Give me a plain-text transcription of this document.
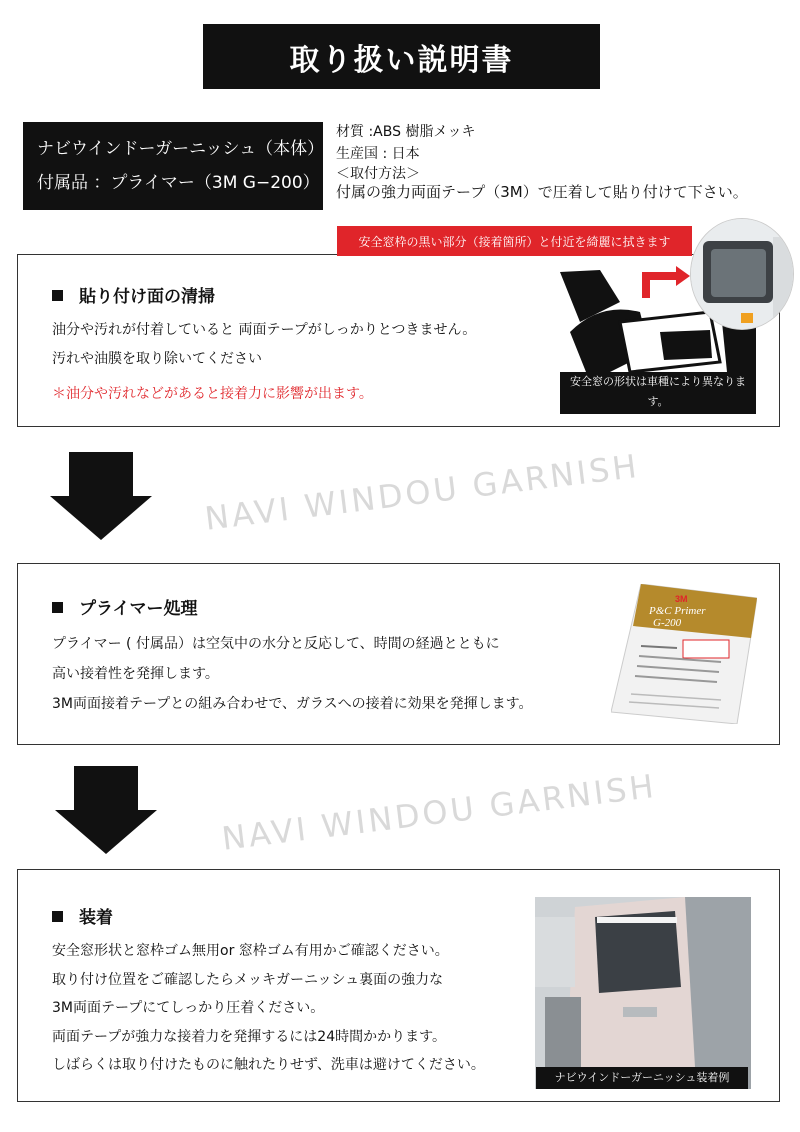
取り扱い説明書
ナビウインドーガーニッシュ（本体）
付属品 ：プライマー（3M G−200）
材質 :ABS 樹脂メッキ
生産国 : 日本
＜取付方法＞
付属の強力両面テープ（3M）で圧着して貼り付けて下さい。
安全窓枠の黒い部分（接着箇所）と付近を綺麗に拭きます
貼り付け面の清掃
油分や汚れが付着していると 両面テープがしっかりとつきません。
汚れや油膜を取り除いてください
＊油分や汚れなどがあると接着力に影響が出ます。
安全窓の形状は車種により異なります。
NAVI WINDOU GARNISH
プライマー処理
プライマー ( 付属品）は空気中の水分と反応して、時間の経過とともに
高い接着性を発揮します。
3M両面接着テープとの組み合わせで、ガラスへの接着に効果を発揮します。
3M
P&C Primer
G-200
NAVI WINDOU GARNISH
装着
安全窓形状と窓枠ゴム無用or 窓枠ゴム有用かご確認ください。
取り付け位置をご確認したらメッキガーニッシュ裏面の強力な
3M両面テープにてしっかり圧着ください。
両面テープが強力な接着力を発揮するには24時間かかります。
しばらくは取り付けたものに触れたりせず、洗車は避けてください。
ナビウインドーガーニッシュ装着例
